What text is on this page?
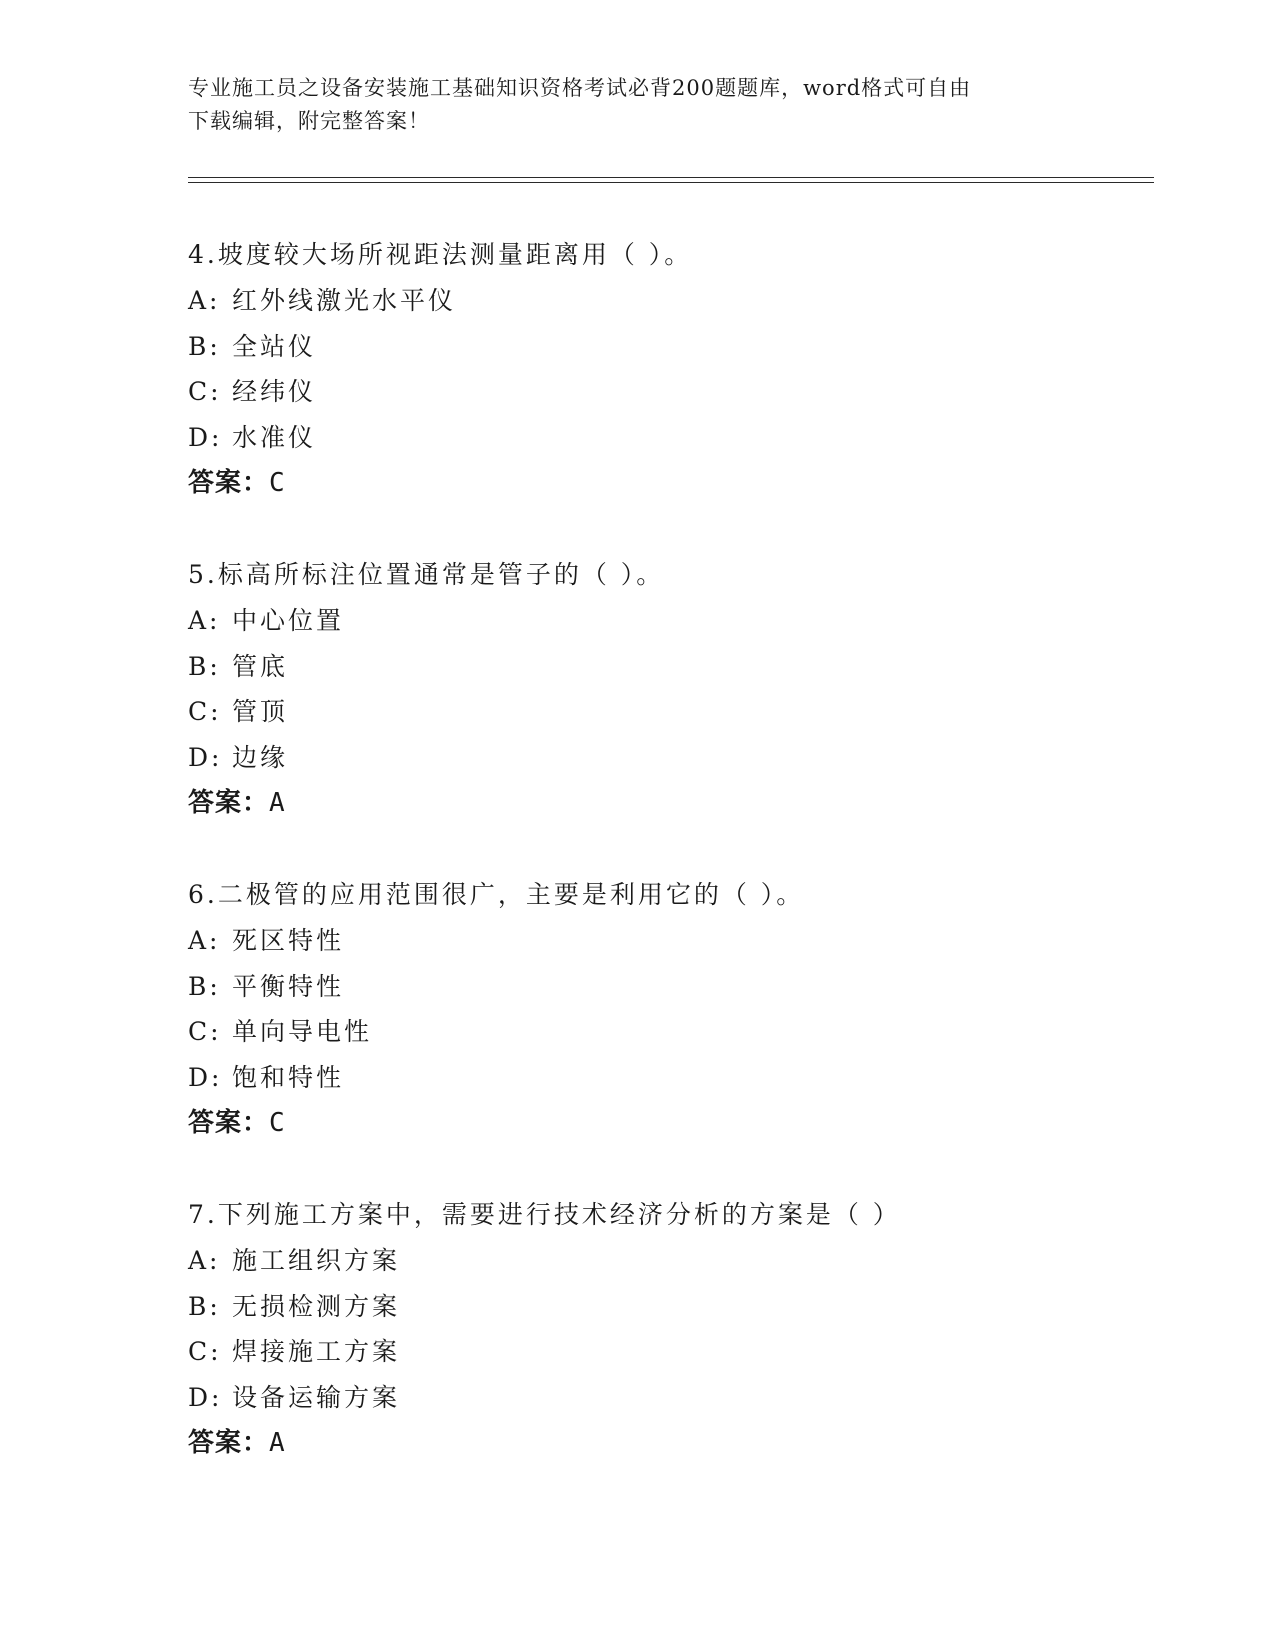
专业施工员之设备安装施工基础知识资格考试必背200题题库，word格式可自由
下载编辑，附完整答案！
4.坡度较大场所视距法测量距离用（ ）。
A: 红外线激光水平仪
B: 全站仪
C: 经纬仪
D: 水准仪
答案：C
5.标高所标注位置通常是管子的（ ）。
A: 中心位置
B: 管底
C: 管顶
D: 边缘
答案：A
6.二极管的应用范围很广，主要是利用它的（ ）。
A: 死区特性
B: 平衡特性
C: 单向导电性
D: 饱和特性
答案：C
7.下列施工方案中，需要进行技术经济分析的方案是（ ）
A: 施工组织方案
B: 无损检测方案
C: 焊接施工方案
D: 设备运输方案
答案：A
